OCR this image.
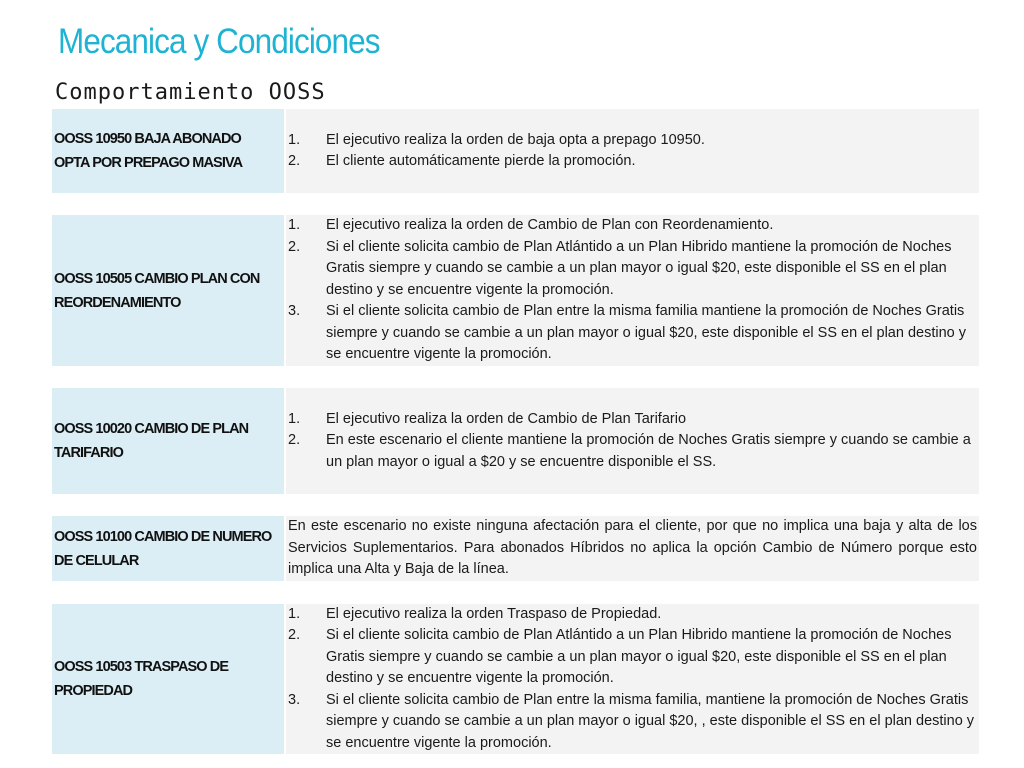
Mecanica y Condiciones
Comportamiento OOSS
OOSS 10950 BAJA ABONADO OPTA POR PREPAGO MASIVA
1. El ejecutivo realiza la orden de baja opta a prepago 10950.
2. El cliente automáticamente pierde la promoción.
OOSS 10505 CAMBIO PLAN CON REORDENAMIENTO
1. El ejecutivo realiza la orden de Cambio de Plan con Reordenamiento.
2. Si el cliente solicita cambio de Plan Atlántido a un Plan Hibrido mantiene la promoción de Noches Gratis siempre y cuando se cambie a un plan mayor o igual $20, este disponible el SS en el plan destino y se encuentre vigente la promoción.
3. Si el cliente solicita cambio de Plan entre la misma familia mantiene la promoción de Noches Gratis siempre y cuando se cambie a un plan mayor o igual $20, este disponible el SS en el plan destino y se encuentre vigente la promoción.
OOSS 10020 CAMBIO DE PLAN TARIFARIO
1. El ejecutivo realiza la orden de Cambio de Plan Tarifario
2. En este escenario el cliente mantiene la promoción de Noches Gratis siempre y cuando se cambie a un plan mayor o igual a $20 y se encuentre disponible el SS.
OOSS 10100 CAMBIO DE NUMERO DE CELULAR

En este escenario no existe ninguna afectación para el cliente, por que no implica una baja y alta de los Servicios Suplementarios. Para abonados Híbridos no aplica la opción Cambio de Número porque esto implica una Alta y Baja de la línea.

OOSS 10503 TRASPASO DE PROPIEDAD
1. El ejecutivo realiza la orden Traspaso de Propiedad.
2. Si el cliente solicita cambio de Plan Atlántido a un Plan Hibrido mantiene la promoción de Noches Gratis siempre y cuando se cambie a un plan mayor o igual $20, este disponible el SS en el plan destino y se encuentre vigente la promoción.
3. Si el cliente solicita cambio de Plan entre la misma familia, mantiene la promoción de Noches Gratis siempre y cuando se cambie a un plan mayor o igual $20, , este disponible el SS en el plan destino y se encuentre vigente la promoción.
